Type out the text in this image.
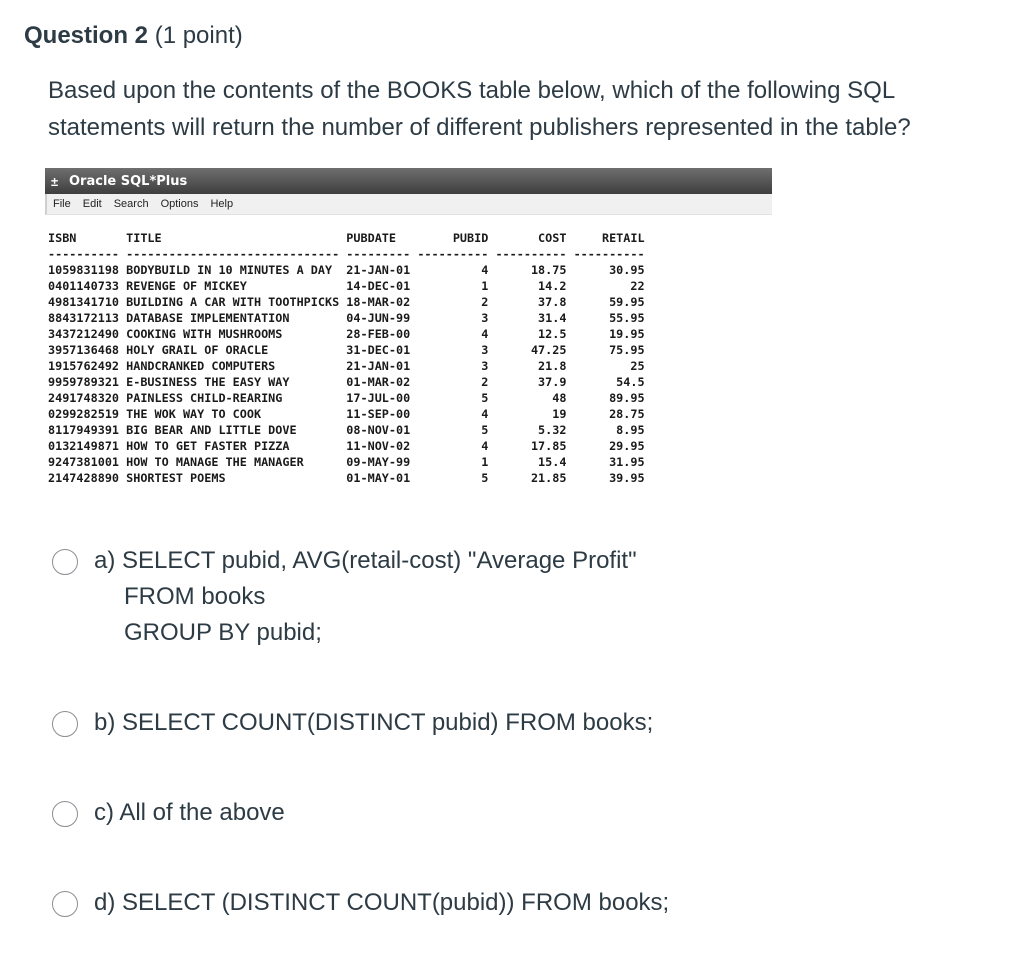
Question 2 (1 point)
Based upon the contents of the BOOKS table below, which of the following SQL statements will return the number of different publishers represented in the table?
± Oracle SQL*Plus
File Edit Search Options Help
ISBN       TITLE                          PUBDATE        PUBID       COST     RETAIL
---------- ------------------------------ --------- ---------- ---------- ----------
1059831198 BODYBUILD IN 10 MINUTES A DAY  21-JAN-01          4      18.75      30.95
0401140733 REVENGE OF MICKEY              14-DEC-01          1       14.2         22
4981341710 BUILDING A CAR WITH TOOTHPICKS 18-MAR-02          2       37.8      59.95
8843172113 DATABASE IMPLEMENTATION        04-JUN-99          3       31.4      55.95
3437212490 COOKING WITH MUSHROOMS         28-FEB-00          4       12.5      19.95
3957136468 HOLY GRAIL OF ORACLE           31-DEC-01          3      47.25      75.95
1915762492 HANDCRANKED COMPUTERS          21-JAN-01          3       21.8         25
9959789321 E-BUSINESS THE EASY WAY        01-MAR-02          2       37.9       54.5
2491748320 PAINLESS CHILD-REARING         17-JUL-00          5         48      89.95
0299282519 THE WOK WAY TO COOK            11-SEP-00          4         19      28.75
8117949391 BIG BEAR AND LITTLE DOVE       08-NOV-01          5       5.32       8.95
0132149871 HOW TO GET FASTER PIZZA        11-NOV-02          4      17.85      29.95
9247381001 HOW TO MANAGE THE MANAGER      09-MAY-99          1       15.4      31.95
2147428890 SHORTEST POEMS                 01-MAY-01          5      21.85      39.95
a) SELECT pubid, AVG(retail-cost) "Average Profit"
FROM books
GROUP BY pubid;
b) SELECT COUNT(DISTINCT pubid) FROM books;
c) All of the above
d) SELECT (DISTINCT COUNT(pubid)) FROM books;
